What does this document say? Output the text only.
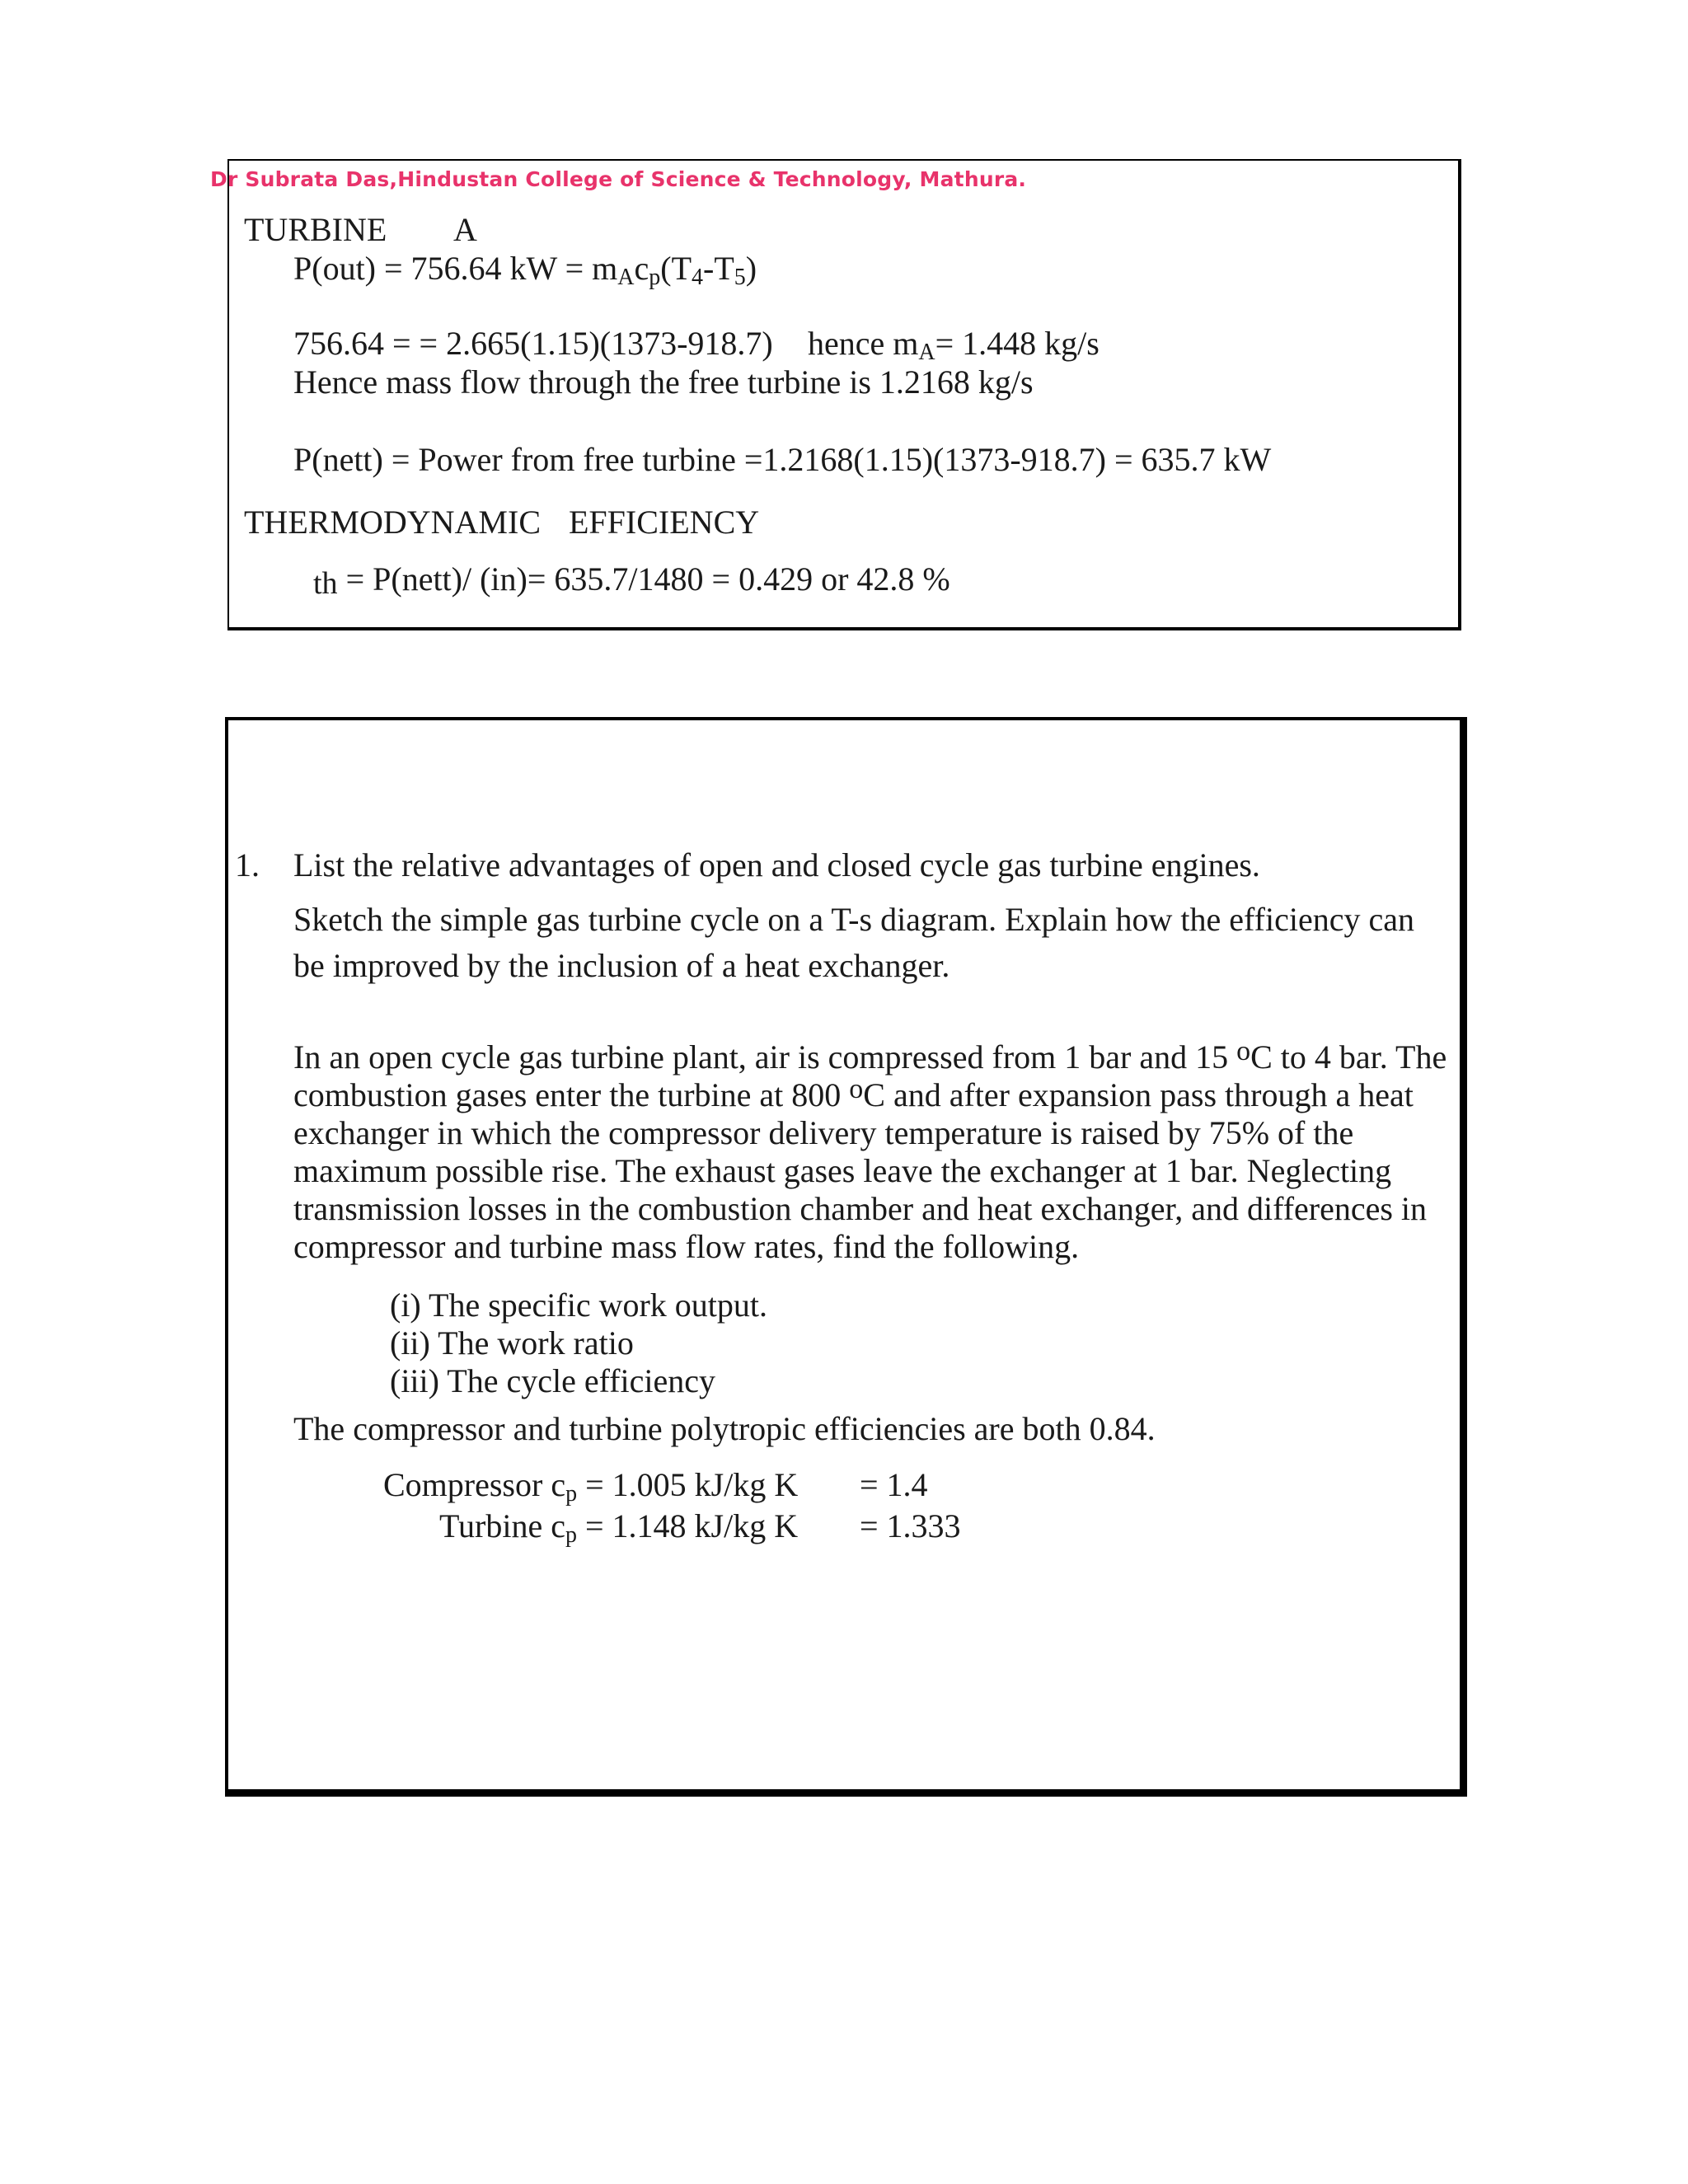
Dr Subrata Das,Hindustan College of Science & Technology, Mathura.
TURBINE A
P(out) = 756.64 kW = $m_Ac_p(T_4-T_5)$
756.64 = = 2.665(1.15)(1373-918.7) hence $m_A= 1.448$ kg/s
Hence mass flow through the free turbine is 1.2168 kg/s
P(nett) = Power from free turbine =1.2168(1.15)(1373-918.7) = 635.7 kW
THERMODYNAMIC EFFICIENCY
$_{th}$ = P(nett)/ (in)= 635.7/1480 = 0.429 or 42.8 %
1. List the relative advantages of open and closed cycle gas turbine engines.
Sketch the simple gas turbine cycle on a T-s diagram. Explain how the efficiency can
be improved by the inclusion of a heat exchanger.
In an open cycle gas turbine plant, air is compressed from 1 bar and 15 $^o$C to 4 bar. The
combustion gases enter the turbine at 800 $^o$C and after expansion pass through a heat
exchanger in which the compressor delivery temperature is raised by 75% of the
maximum possible rise. The exhaust gases leave the exchanger at 1 bar. Neglecting
transmission losses in the combustion chamber and heat exchanger, and differences in
compressor and turbine mass flow rates, find the following.
(i) The specific work output.
(ii) The work ratio
(iii) The cycle efficiency
The compressor and turbine polytropic efficiencies are both 0.84.
Compressor $c_p = 1.005$ kJ/kg K = 1.4
Turbine $c_p = 1.148$ kJ/kg K = 1.333
